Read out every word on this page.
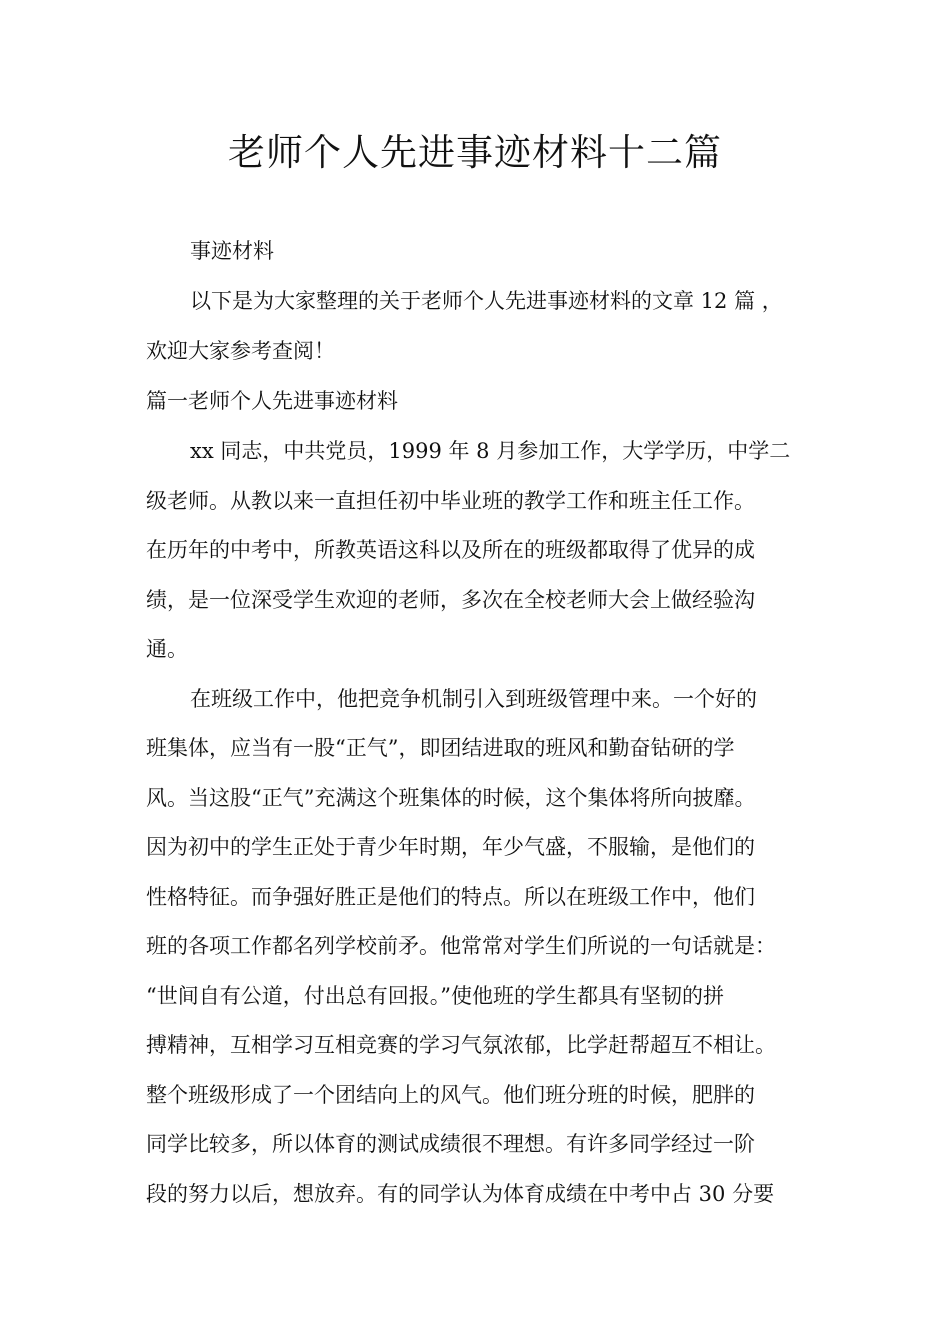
老师个人先进事迹材料十二篇

事迹材料

以下是为大家整理的关于老师个人先进事迹材料的文章 12 篇 ，

欢迎大家参考查阅！

篇一老师个人先进事迹材料

xx 同志，中共党员，1999 年 8 月参加工作，大学学历，中学二

级老师。从教以来一直担任初中毕业班的教学工作和班主任工作。

在历年的中考中，所教英语这科以及所在的班级都取得了优异的成

绩，是一位深受学生欢迎的老师，多次在全校老师大会上做经验沟

通。

在班级工作中，他把竞争机制引入到班级管理中来。一个好的

班集体，应当有一股“正气”，即团结进取的班风和勤奋钻研的学

风。当这股“正气”充满这个班集体的时候，这个集体将所向披靡。

因为初中的学生正处于青少年时期，年少气盛，不服输，是他们的

性格特征。而争强好胜正是他们的特点。所以在班级工作中，他们

班的各项工作都名列学校前矛。他常常对学生们所说的一句话就是：

“世间自有公道，付出总有回报。”使他班的学生都具有坚韧的拼

搏精神，互相学习互相竞赛的学习气氛浓郁，比学赶帮超互不相让。

整个班级形成了一个团结向上的风气。他们班分班的时候，肥胖的

同学比较多，所以体育的测试成绩很不理想。有许多同学经过一阶

段的努力以后，想放弃。有的同学认为体育成绩在中考中占 30 分要
